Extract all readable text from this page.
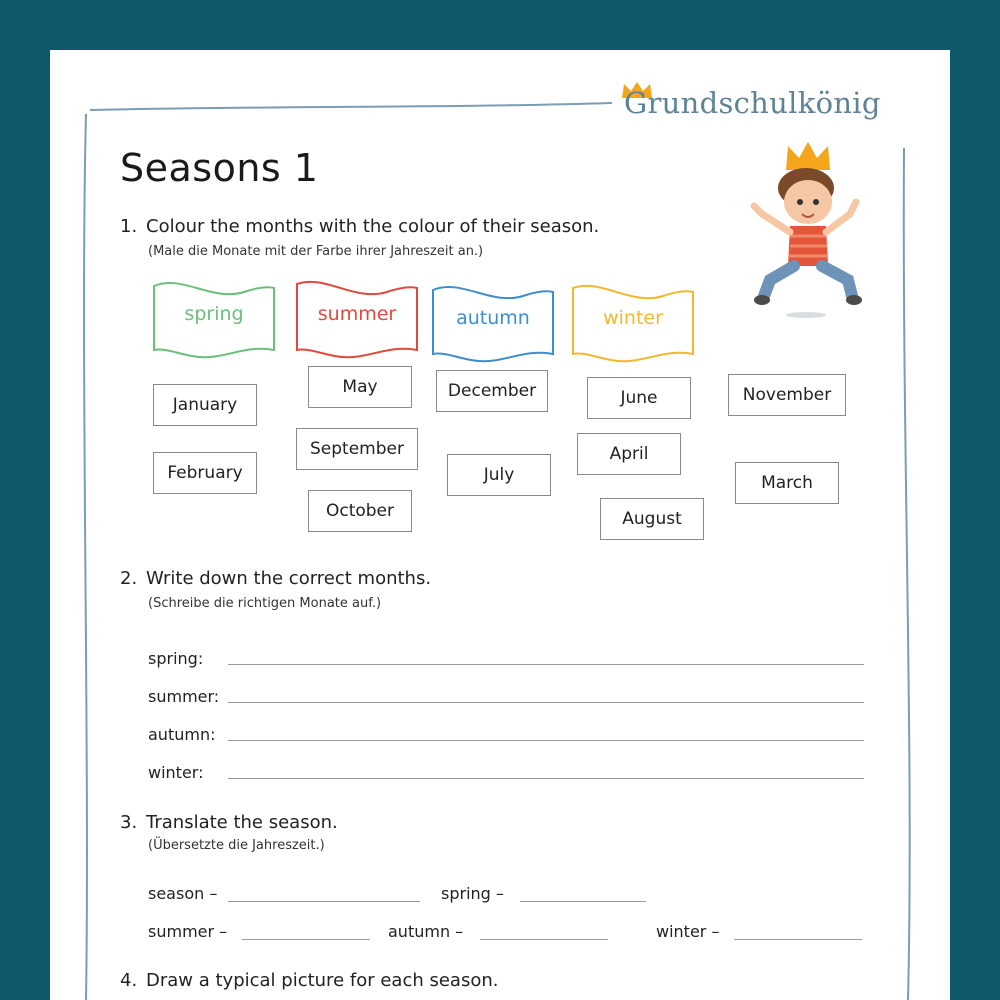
Grundschulkönig
Seasons 1
1. Colour the months with the colour of their season.
(Male die Monate mit der Farbe ihrer Jahreszeit an.)
spring	summer	autumn	winter
January
February
May
September
October
December
July
June
April
August
November
March
2. Write down the correct months.
(Schreibe die richtigen Monate auf.)
spring:
summer:
autumn:
winter:
3. Translate the season.
(Übersetzte die Jahreszeit.)
season –	spring –
summer –	autumn –	winter –
4. Draw a typical picture for each season.
